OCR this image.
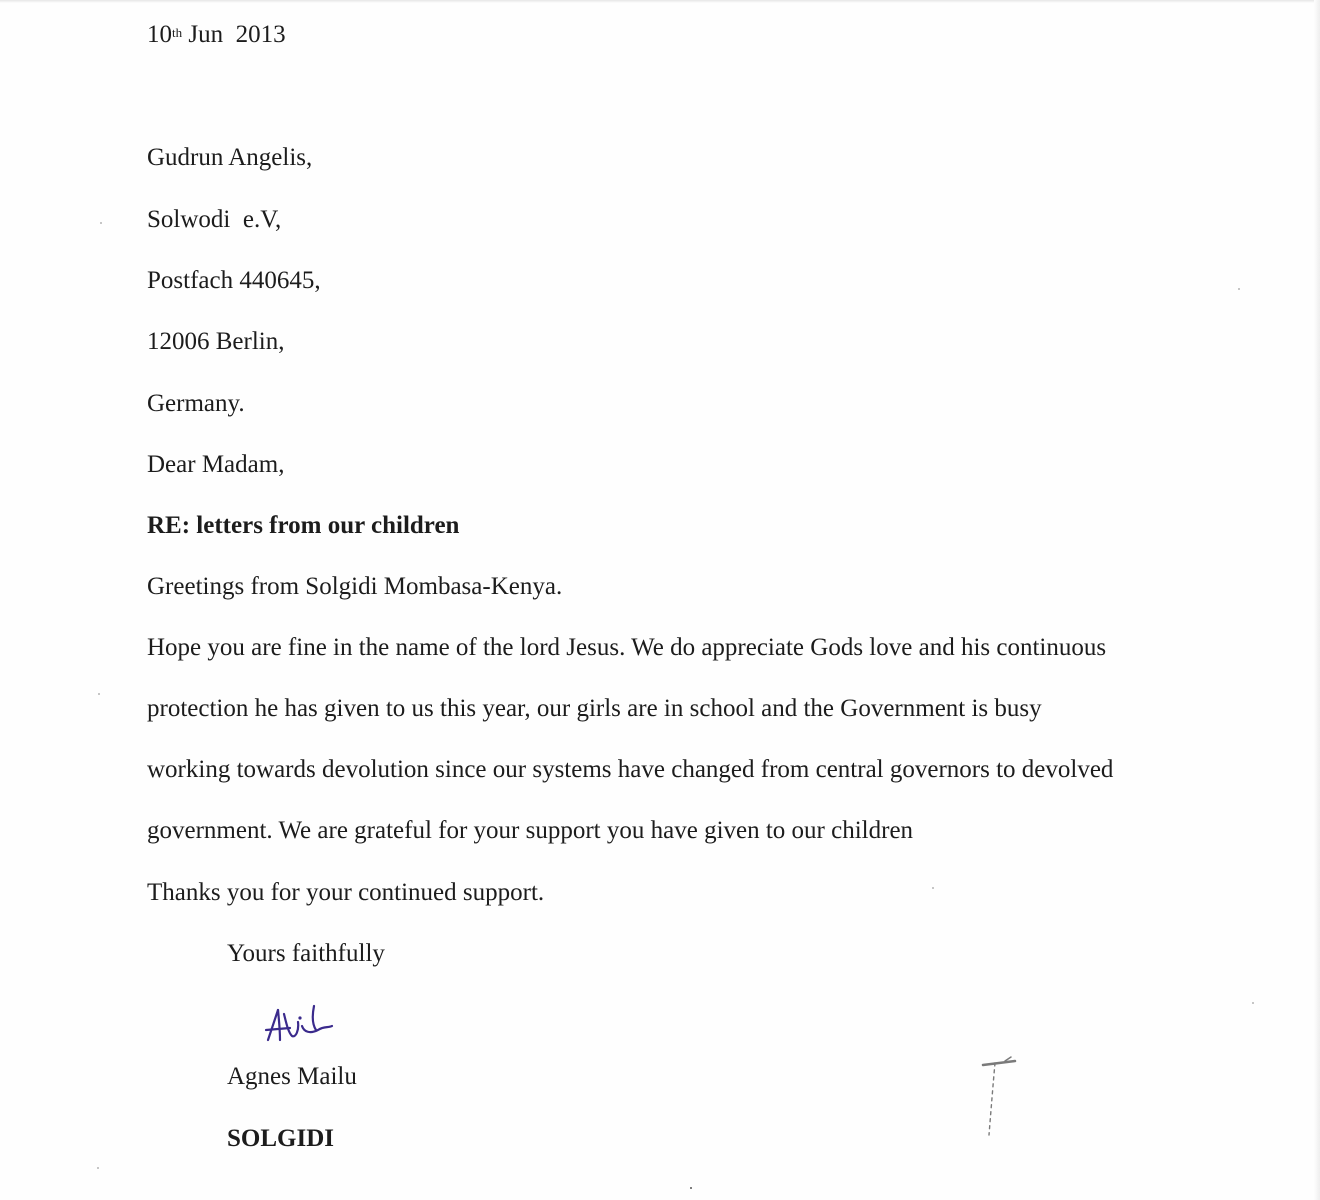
10th Jun  2013

Gudrun Angelis,

Solwodi  e.V,

Postfach 440645,

12006 Berlin,

Germany.

Dear Madam,

RE: letters from our children

Greetings from Solgidi Mombasa-Kenya.

Hope you are fine in the name of the lord Jesus. We do appreciate Gods love and his continuous

protection he has given to us this year, our girls are in school and the Government is busy

working towards devolution since our systems have changed from central governors to devolved

government. We are grateful for your support you have given to our children

Thanks you for your continued support.

Yours faithfully

Agnes Mailu

SOLGIDI
